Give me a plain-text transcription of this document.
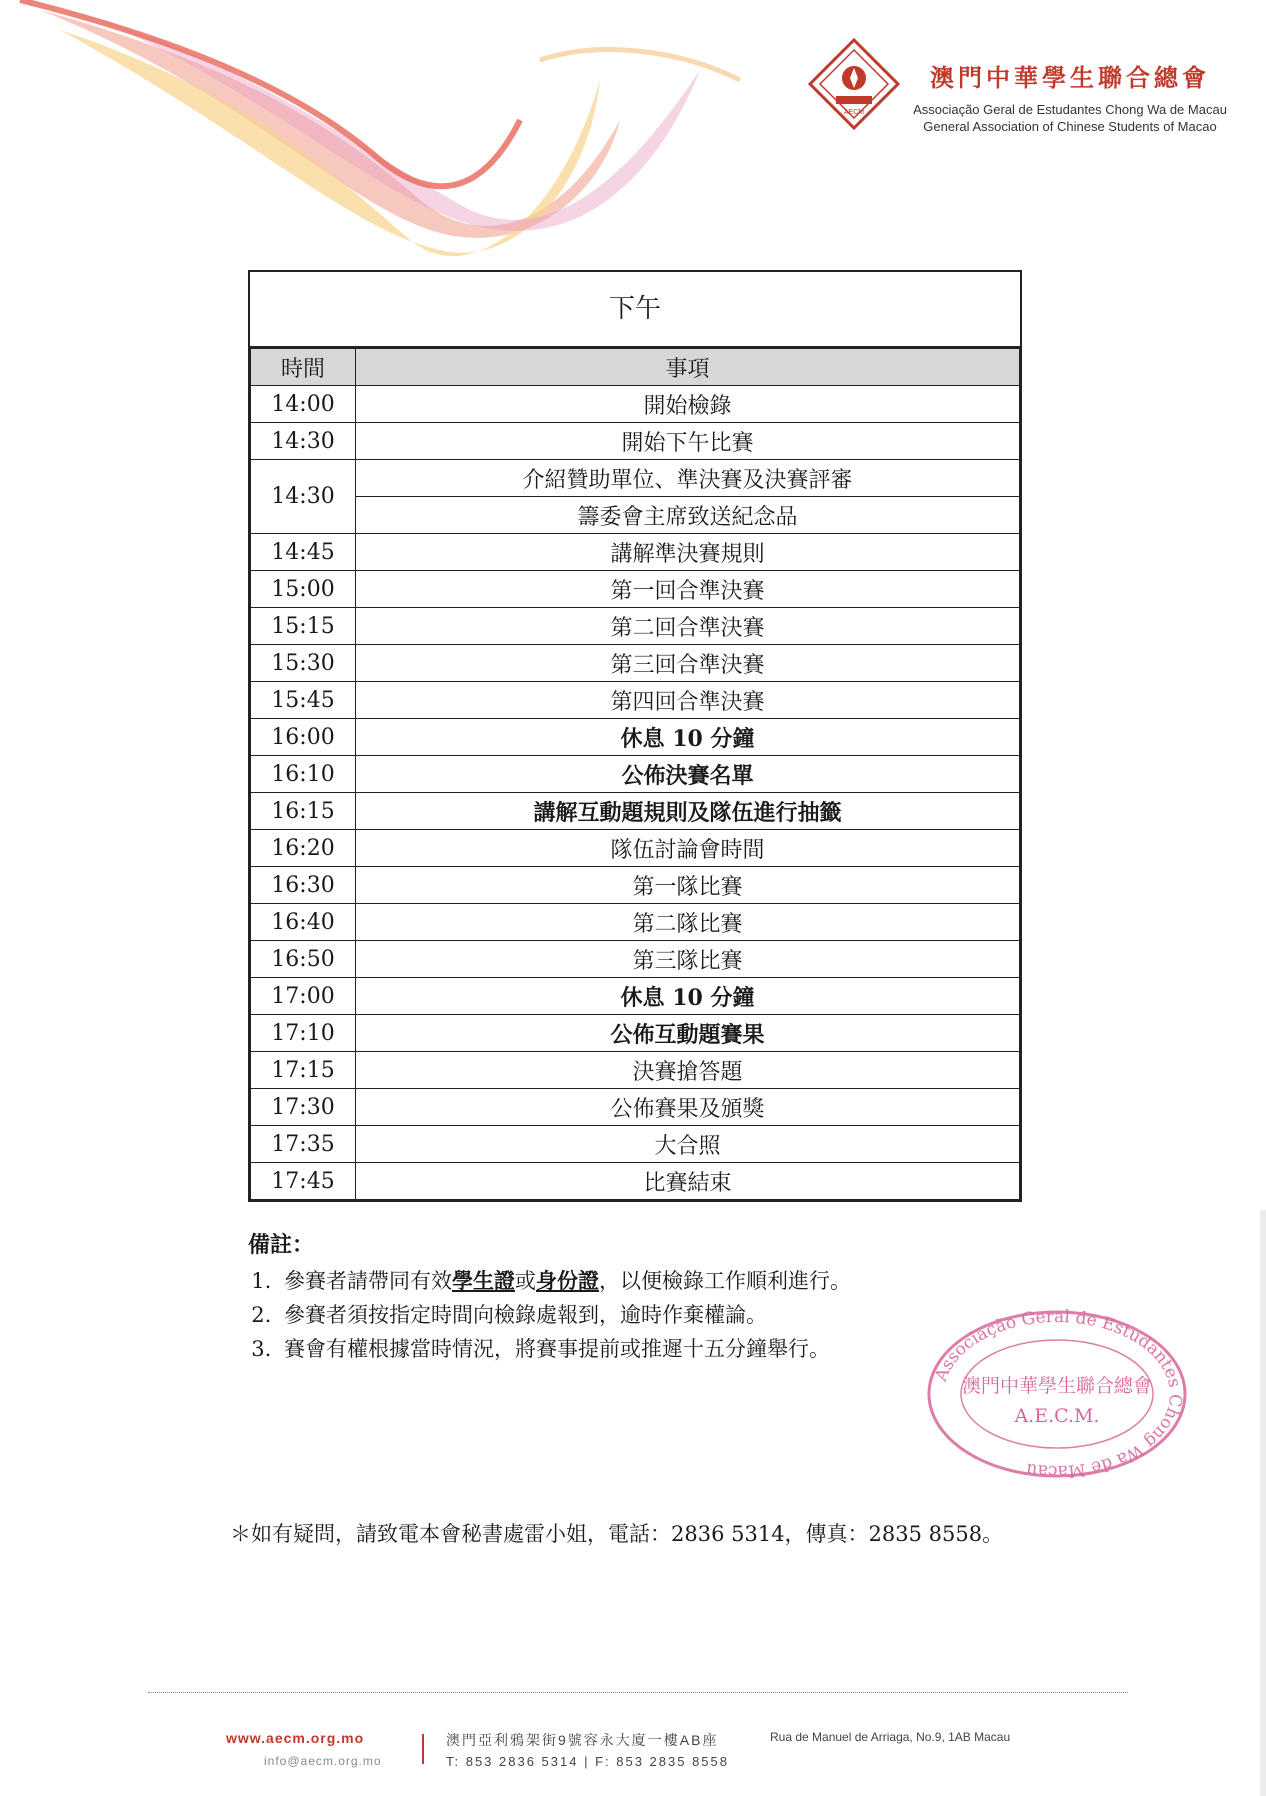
AECM
澳門中華學生聯合總會
Associação Geral de Estudantes Chong Wa de Macau
General Association of Chinese Students of Macao
下午
時間	事項
14:00	開始檢錄
14:30	開始下午比賽
14:30	介紹贊助單位、準決賽及決賽評審
	籌委會主席致送紀念品
14:45	講解準決賽規則
15:00	第一回合準決賽
15:15	第二回合準決賽
15:30	第三回合準決賽
15:45	第四回合準決賽
16:00	休息 10 分鐘
16:10	公佈決賽名單
16:15	講解互動題規則及隊伍進行抽籤
16:20	隊伍討論會時間
16:30	第一隊比賽
16:40	第二隊比賽
16:50	第三隊比賽
17:00	休息 10 分鐘
17:10	公佈互動題賽果
17:15	決賽搶答題
17:30	公佈賽果及頒獎
17:35	大合照
17:45	比賽結束
備註：
1. 參賽者請帶同有效學生證或身份證，以便檢錄工作順利進行。
2. 參賽者須按指定時間向檢錄處報到，逾時作棄權論。
3. 賽會有權根據當時情況，將賽事提前或推遲十五分鐘舉行。
Associação Geral de Estudantes Chong Wa de Macau
澳門中華學生聯合總會
A.E.C.M.
＊如有疑問，請致電本會秘書處雷小姐，電話：2836 5314，傳真：2835 8558。
www.aecm.org.mo
info@aecm.org.mo
澳門亞利鴉架街9號容永大廈一樓AB座	Rua de Manuel de Arriaga, No.9, 1AB Macau
T: 853 2836 5314 | F: 853 2835 8558
